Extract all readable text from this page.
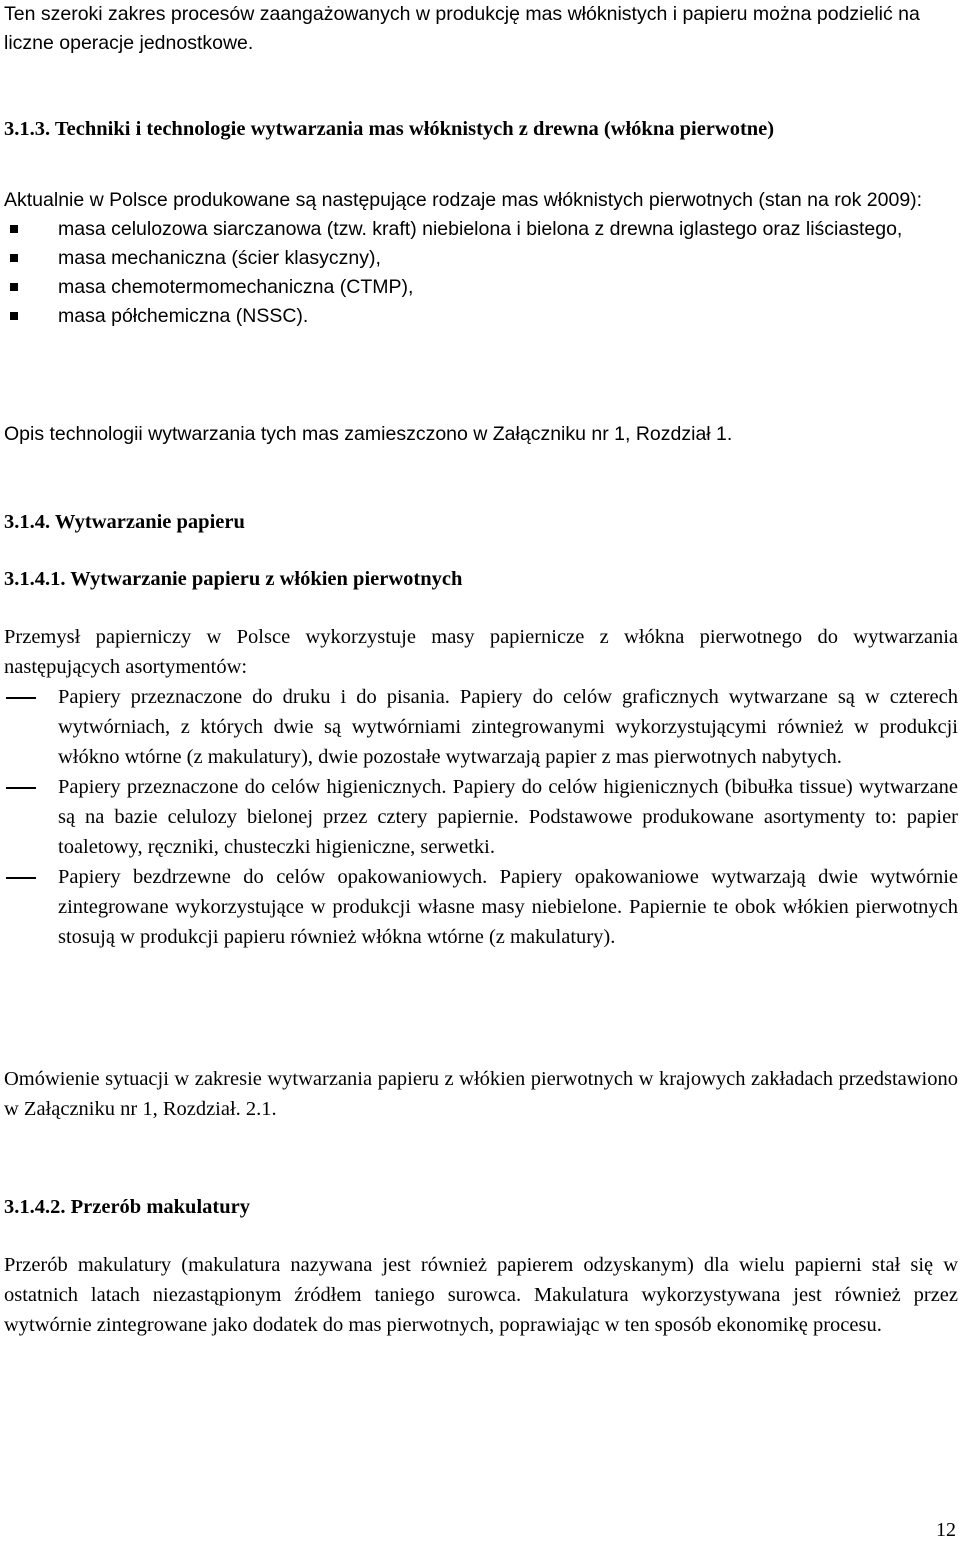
Ten szeroki zakres procesów zaangażowanych w produkcję mas włóknistych i papieru można podzielić na liczne operacje jednostkowe.
3.1.3. Techniki i technologie wytwarzania mas włóknistych z drewna (włókna pierwotne)
Aktualnie w Polsce produkowane są następujące rodzaje mas włóknistych pierwotnych (stan na rok 2009):
masa celulozowa siarczanowa (tzw. kraft) niebielona i bielona z drewna iglastego oraz liściastego,
masa mechaniczna (ścier klasyczny),
masa chemotermomechaniczna (CTMP),
masa półchemiczna (NSSC).
Opis technologii wytwarzania tych mas zamieszczono w Załączniku nr 1, Rozdział 1.
3.1.4. Wytwarzanie papieru
3.1.4.1. Wytwarzanie papieru z włókien pierwotnych
Przemysł papierniczy w Polsce wykorzystuje masy papiernicze z włókna pierwotnego do wytwarzania następujących asortymentów:
Papiery przeznaczone do druku i do pisania. Papiery do celów graficznych wytwarzane są w czterech wytwórniach, z których dwie są wytwórniami zintegrowanymi wykorzystującymi również w produkcji włókno wtórne (z makulatury), dwie pozostałe wytwarzają papier z mas pierwotnych nabytych.
Papiery przeznaczone do celów higienicznych. Papiery do celów higienicznych (bibułka tissue) wytwarzane są na bazie celulozy bielonej przez cztery papiernie. Podstawowe produkowane asortymenty to: papier toaletowy, ręczniki, chusteczki higieniczne, serwetki.
Papiery bezdrzewne do celów opakowaniowych. Papiery opakowaniowe wytwarzają dwie wytwórnie zintegrowane wykorzystujące w produkcji własne masy niebielone. Papiernie te obok włókien pierwotnych stosują w produkcji papieru również włókna wtórne (z makulatury).
Omówienie sytuacji w zakresie wytwarzania papieru z włókien pierwotnych w krajowych zakładach przedstawiono w Załączniku nr 1, Rozdział. 2.1.
3.1.4.2. Przerób makulatury
Przerób makulatury (makulatura nazywana jest również papierem odzyskanym) dla wielu papierni stał się w ostatnich latach niezastąpionym źródłem taniego surowca. Makulatura wykorzystywana jest również przez wytwórnie zintegrowane jako dodatek do mas pierwotnych, poprawiając w ten sposób ekonomikę procesu.
12
